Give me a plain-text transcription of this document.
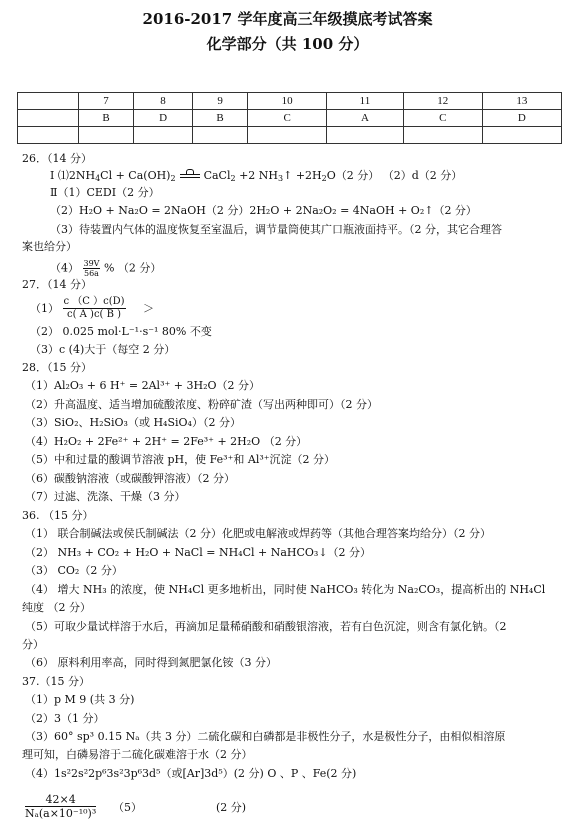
2016-2017 学年度高三年级摸底考试答案
化学部分（共 100 分）
	7	8	9	10	11	12	13
	B	D	B	C	A	C	D

26．（14 分）
Ⅰ $⑴2NH_4Cl + Ca(OH)_2$	CaCl$_2$ +2 $NH_3↑ +2H_2O(2$ 分） （2）d（2 分）
Ⅱ（1）CEDI（2 分）
（2）H₂O + Na₂O = 2NaOH（2 分）2H₂O + 2Na₂O₂ = 4NaOH + O₂↑（2 分）
（3）待装置内气体的温度恢复至室温后，调节量筒使其广口瓶液面持平。（2 分，其它合理答
案也给分）
$(4) \frac{39V}{56a}$ % （2 分）
27．（14 分）
$(1) \frac{c (C )c(D)}{c( A )c( B )}$ ＞
（2） 0.025 mol·L⁻¹·s⁻¹ 80% 不变
（3）c (4)大于（每空 2 分）
28．（15 分）
（1）Al₂O₃ + 6 H⁺ = 2Al³⁺ + 3H₂O（2 分）
（2）升高温度、适当增加硫酸浓度、粉碎矿渣（写出两种即可）（2 分）
（3）SiO₂、H₂SiO₃（或 H₄SiO₄）（2 分）
（4）H₂O₂ + 2Fe²⁺ + 2H⁺ = 2Fe³⁺ + 2H₂O （2 分）
（5）中和过量的酸调节溶液 pH，使 Fe³⁺和 Al³⁺沉淀（2 分）
（6）碳酸钠溶液（或碳酸钾溶液）（2 分）
（7）过滤、洗涤、干燥（3 分）
36. （15 分）
（1） 联合制碱法或侯氏制碱法（2 分）化肥或电解液或焊药等（其他合理答案均给分）（2 分）
（2） NH₃ + CO₂ + H₂O + NaCl = NH₄Cl + NaHCO₃↓（2 分）
（3） CO₂（2 分）
（4） 增大 NH₃ 的浓度，使 NH₄Cl 更多地析出，同时使 NaHCO₃ 转化为 Na₂CO₃，提高析出的 NH₄Cl
纯度 （2 分）
（5）可取少量试样溶于水后，再滴加足量稀硝酸和硝酸银溶液，若有白色沉淀，则含有氯化钠。（2
分）
（6） 原料利用率高，同时得到氮肥氯化铵（3 分）
37.（15 分）
（1）p M 9 (共 3 分)
（2）3（1 分）
（3）60° sp³ 0.15 Nₐ（共 3 分）二硫化碳和白磷都是非极性分子，水是极性分子，由相似相溶原
理可知，白磷易溶于二硫化碳难溶于水（2 分）
（4）1s²2s²2p⁶3s²3p⁶3d⁵（或[Ar]3d⁵）(2 分) O 、P 、Fe(2 分)
$\frac{42\times 4}{\text{Nₐ(a×10⁻¹⁰)³}} (5)$	(2 分)
